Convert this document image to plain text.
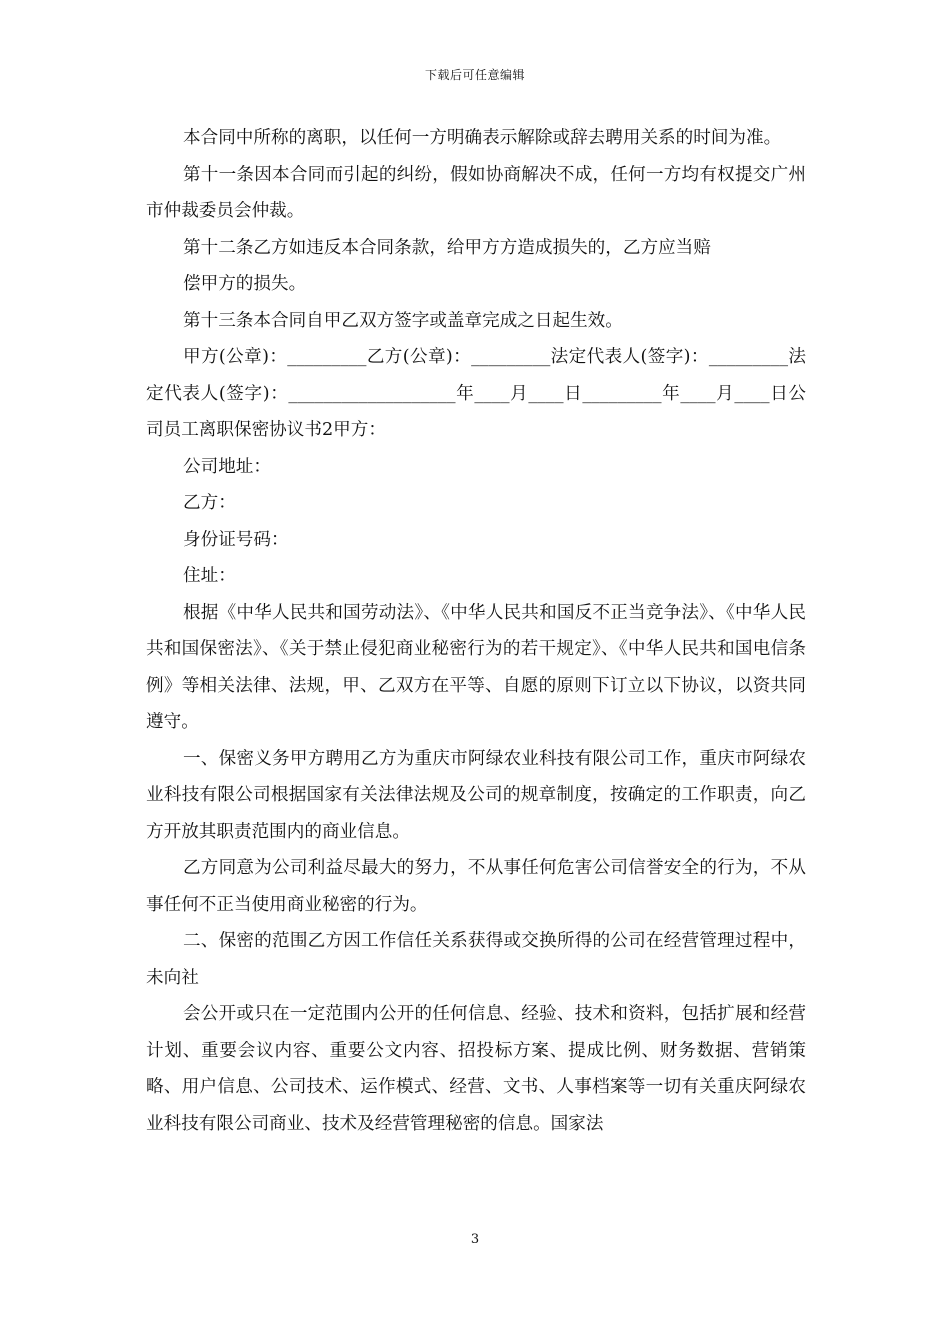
下载后可任意编辑

本合同中所称的离职，以任何一方明确表示解除或辞去聘用关系的时间为准。

第十一条因本合同而引起的纠纷，假如协商解决不成，任何一方均有权提交广州市仲裁委员会仲裁。

第十二条乙方如违反本合同条款，给甲方方造成损失的，乙方应当赔

偿甲方的损失。

第十三条本合同自甲乙双方签字或盖章完成之日起生效。

甲方(公章)：_________乙方(公章)：_________法定代表人(签字)：_________法定代表人(签字)：___________________年____月____日_________年____月____日公司员工离职保密协议书2甲方：

公司地址：

乙方：

身份证号码：

住址：

根据《中华人民共和国劳动法》、《中华人民共和国反不正当竞争法》、《中华人民共和国保密法》、《关于禁止侵犯商业秘密行为的若干规定》、《中华人民共和国电信条例》等相关法律、法规，甲、乙双方在平等、自愿的原则下订立以下协议，以资共同遵守。

一、保密义务甲方聘用乙方为重庆市阿绿农业科技有限公司工作，重庆市阿绿农业科技有限公司根据国家有关法律法规及公司的规章制度，按确定的工作职责，向乙方开放其职责范围内的商业信息。

乙方同意为公司利益尽最大的努力，不从事任何危害公司信誉安全的行为，不从事任何不正当使用商业秘密的行为。

二、保密的范围乙方因工作信任关系获得或交换所得的公司在经营管理过程中，未向社

会公开或只在一定范围内公开的任何信息、经验、技术和资料，包括扩展和经营计划、重要会议内容、重要公文内容、招投标方案、提成比例、财务数据、营销策略、用户信息、公司技术、运作模式、经营、文书、人事档案等一切有关重庆阿绿农业科技有限公司商业、技术及经营管理秘密的信息。国家法

3
